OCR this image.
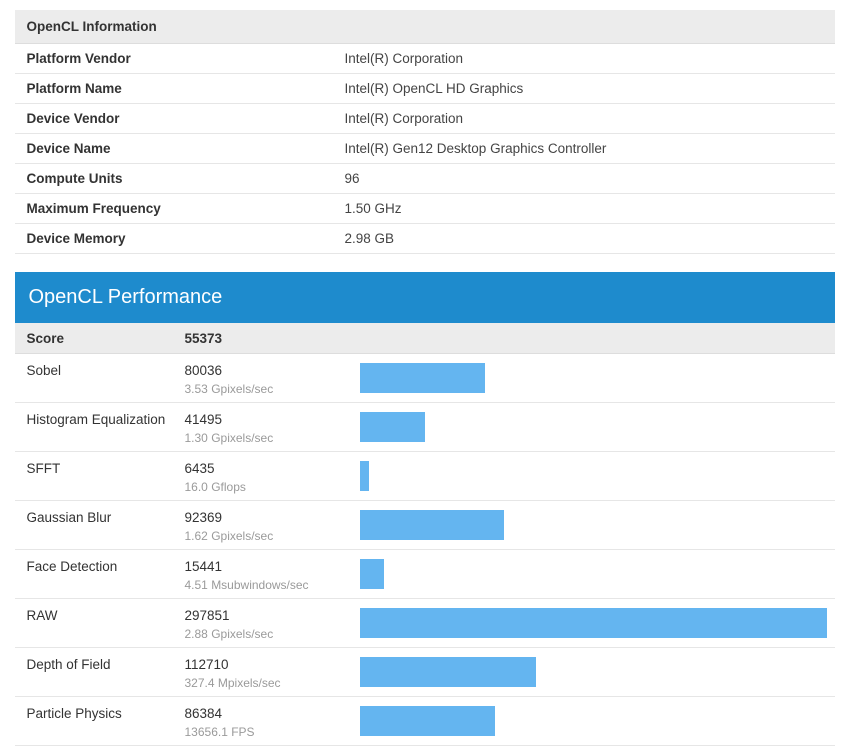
OpenCL Information
Platform Vendor	Intel(R) Corporation
Platform Name	Intel(R) OpenCL HD Graphics
Device Vendor	Intel(R) Corporation
Device Name	Intel(R) Gen12 Desktop Graphics Controller
Compute Units	96
Maximum Frequency	1.50 GHz
Device Memory	2.98 GB
OpenCL Performance
Score	55373
Sobel	80036
3.53 Gpixels/sec
Histogram Equalization	41495
1.30 Gpixels/sec
SFFT	6435
16.0 Gflops
Gaussian Blur	92369
1.62 Gpixels/sec
Face Detection	15441
4.51 Msubwindows/sec
RAW	297851
2.88 Gpixels/sec
Depth of Field	112710
327.4 Mpixels/sec
Particle Physics	86384
13656.1 FPS
